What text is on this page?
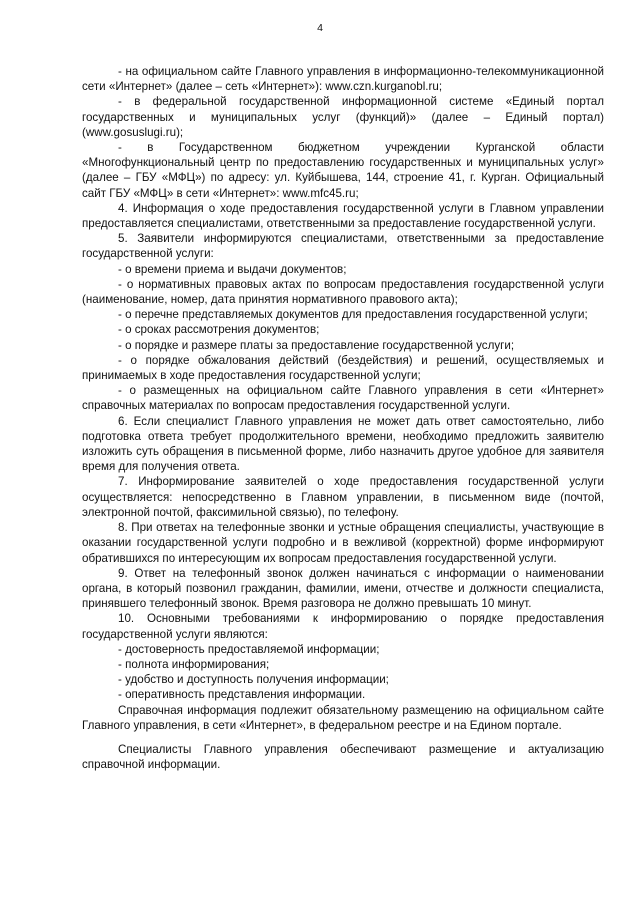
4

- на официальном сайте Главного управления в информационно-телекоммуникационной сети «Интернет» (далее – сеть «Интернет»): www.czn.kurganobl.ru;

- в федеральной государственной информационной системе «Единый портал государственных и муниципальных услуг (функций)» (далее – Единый портал) (www.gosuslugi.ru);

- в Государственном бюджетном учреждении Курганской области «Многофункциональный центр по предоставлению государственных и муниципальных услуг» (далее – ГБУ «МФЦ») по адресу: ул. Куйбышева, 144, строение 41, г. Курган. Официальный сайт ГБУ «МФЦ» в сети «Интернет»: www.mfc45.ru;

4. Информация о ходе предоставления государственной услуги в Главном управлении предоставляется специалистами, ответственными за предоставление государственной услуги.

5. Заявители информируются специалистами, ответственными за предоставление государственной услуги:

- о времени приема и выдачи документов;

- о нормативных правовых актах по вопросам предоставления государственной услуги (наименование, номер, дата принятия нормативного правового акта);

- о перечне представляемых документов для предоставления государственной услуги;

- о сроках рассмотрения документов;

- о порядке и размере платы за предоставление государственной услуги;

- о порядке обжалования действий (бездействия) и решений, осуществляемых и принимаемых в ходе предоставления государственной услуги;

- о размещенных на официальном сайте Главного управления в сети «Интернет» справочных материалах по вопросам предоставления государственной услуги.

6. Если специалист Главного управления не может дать ответ самостоятельно, либо подготовка ответа требует продолжительного времени, необходимо предложить заявителю изложить суть обращения в письменной форме, либо назначить другое удобное для заявителя время для получения ответа.

7. Информирование заявителей о ходе предоставления государственной услуги осуществляется: непосредственно в Главном управлении, в письменном виде (почтой, электронной почтой, факсимильной связью), по телефону.

8. При ответах на телефонные звонки и устные обращения специалисты, участвующие в оказании государственной услуги подробно и в вежливой (корректной) форме информируют обратившихся по интересующим их вопросам предоставления государственной услуги.

9. Ответ на телефонный звонок должен начинаться с информации о наименовании органа, в который позвонил гражданин, фамилии, имени, отчестве и должности специалиста, принявшего телефонный звонок. Время разговора не должно превышать 10 минут.

10. Основными требованиями к информированию о порядке предоставления государственной услуги являются:

- достоверность предоставляемой информации;

- полнота информирования;

- удобство и доступность получения информации;

- оперативность представления информации.

Справочная информация подлежит обязательному размещению на официальном сайте Главного управления, в сети «Интернет», в федеральном реестре и на Едином портале.

Специалисты Главного управления обеспечивают размещение и актуализацию справочной информации.
